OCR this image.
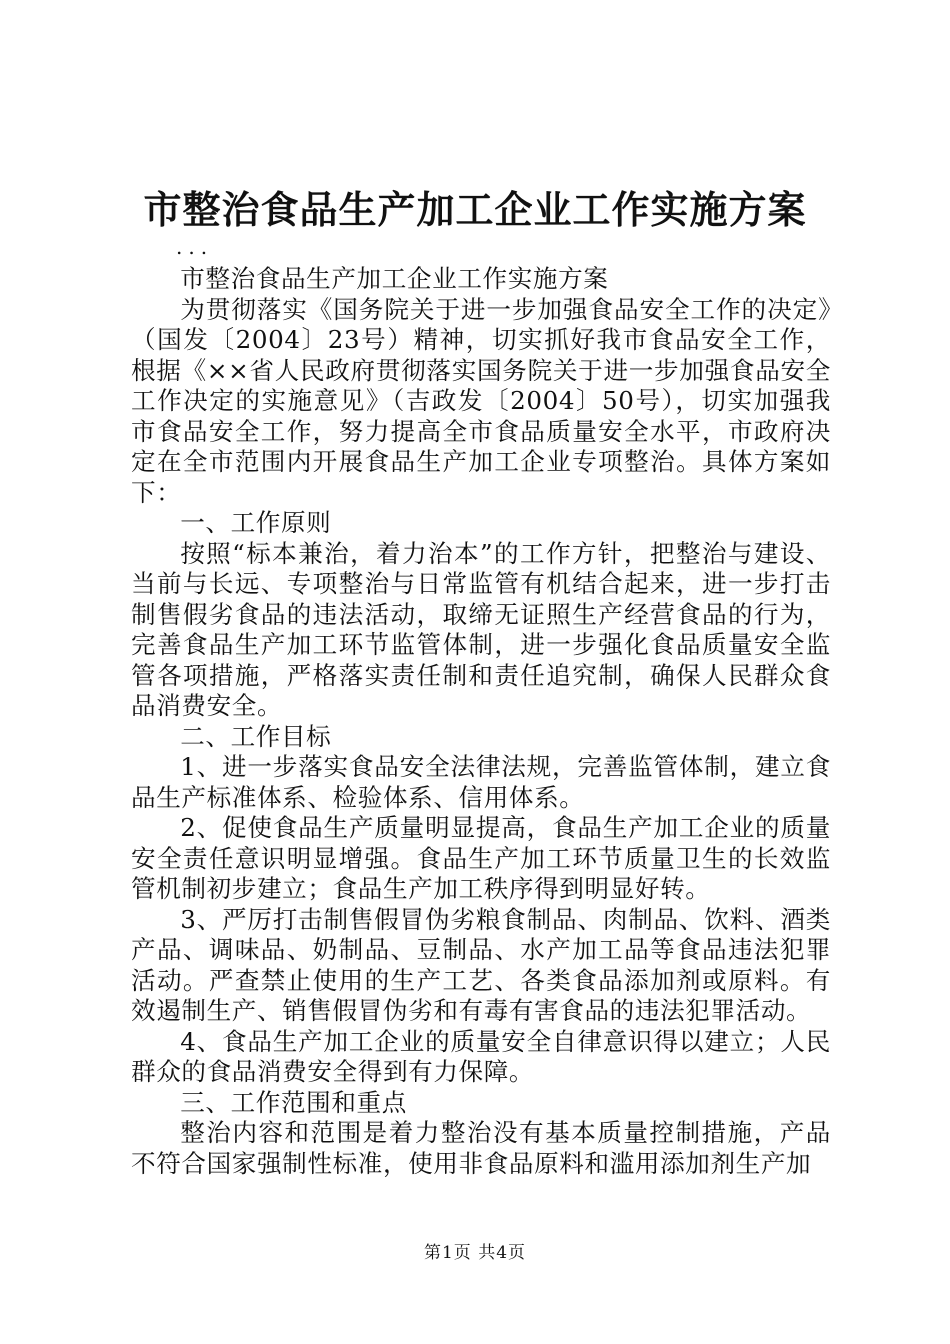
市整治食品生产加工企业工作实施方案
...

市整治食品生产加工企业工作实施方案

为贯彻落实《国务院关于进一步加强食品安全工作的决定》（国发〔2004〕23号）精神，切实抓好我市食品安全工作，根据《××省人民政府贯彻落实国务院关于进一步加强食品安全工作决定的实施意见》（吉政发〔2004〕50号），切实加强我市食品安全工作，努力提高全市食品质量安全水平，市政府决定在全市范围内开展食品生产加工企业专项整治。具体方案如下：

一、工作原则

按照“标本兼治，着力治本”的工作方针，把整治与建设、当前与长远、专项整治与日常监管有机结合起来，进一步打击制售假劣食品的违法活动，取缔无证照生产经营食品的行为，完善食品生产加工环节监管体制，进一步强化食品质量安全监管各项措施，严格落实责任制和责任追究制，确保人民群众食品消费安全。

二、工作目标

1、进一步落实食品安全法律法规，完善监管体制，建立食品生产标准体系、检验体系、信用体系。

2、促使食品生产质量明显提高，食品生产加工企业的质量安全责任意识明显增强。食品生产加工环节质量卫生的长效监管机制初步建立；食品生产加工秩序得到明显好转。

3、严厉打击制售假冒伪劣粮食制品、肉制品、饮料、酒类产品、调味品、奶制品、豆制品、水产加工品等食品违法犯罪活动。严查禁止使用的生产工艺、各类食品添加剂或原料。有效遏制生产、销售假冒伪劣和有毒有害食品的违法犯罪活动。

4、食品生产加工企业的质量安全自律意识得以建立；人民群众的食品消费安全得到有力保障。

三、工作范围和重点

整治内容和范围是着力整治没有基本质量控制措施，产品不符合国家强制性标准，使用非食品原料和滥用添加剂生产加

第1页 共4页
